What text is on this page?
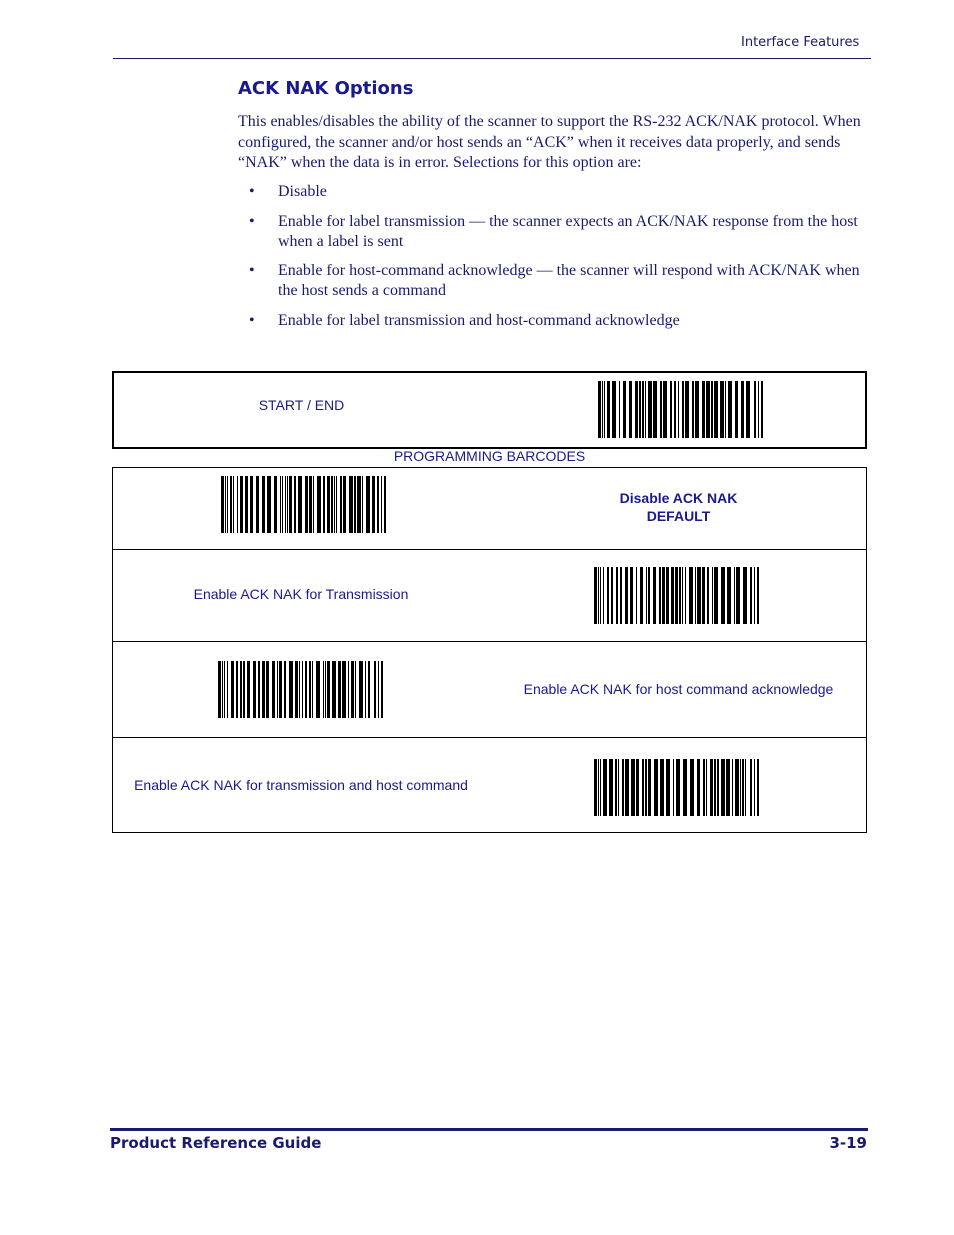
Interface Features
ACK NAK Options

This enables/disables the ability of the scanner to support the RS-232 ACK/NAK protocol. When configured, the scanner and/or host sends an “ACK” when it receives data properly, and sends “NAK” when the data is in error. Selections for this option are:

• Disable
• Enable for label transmission — the scanner expects an ACK/NAK response from the host when a label is sent
• Enable for host-command acknowledge — the scanner will respond with ACK/NAK when the host sends a command
• Enable for label transmission and host-command acknowledge
START / END
PROGRAMMING BARCODES
Disable ACK NAK
DEFAULT
Enable ACK NAK for Transmission
Enable ACK NAK for host command acknowledge
Enable ACK NAK for transmission and host command
Product Reference Guide	3-19
